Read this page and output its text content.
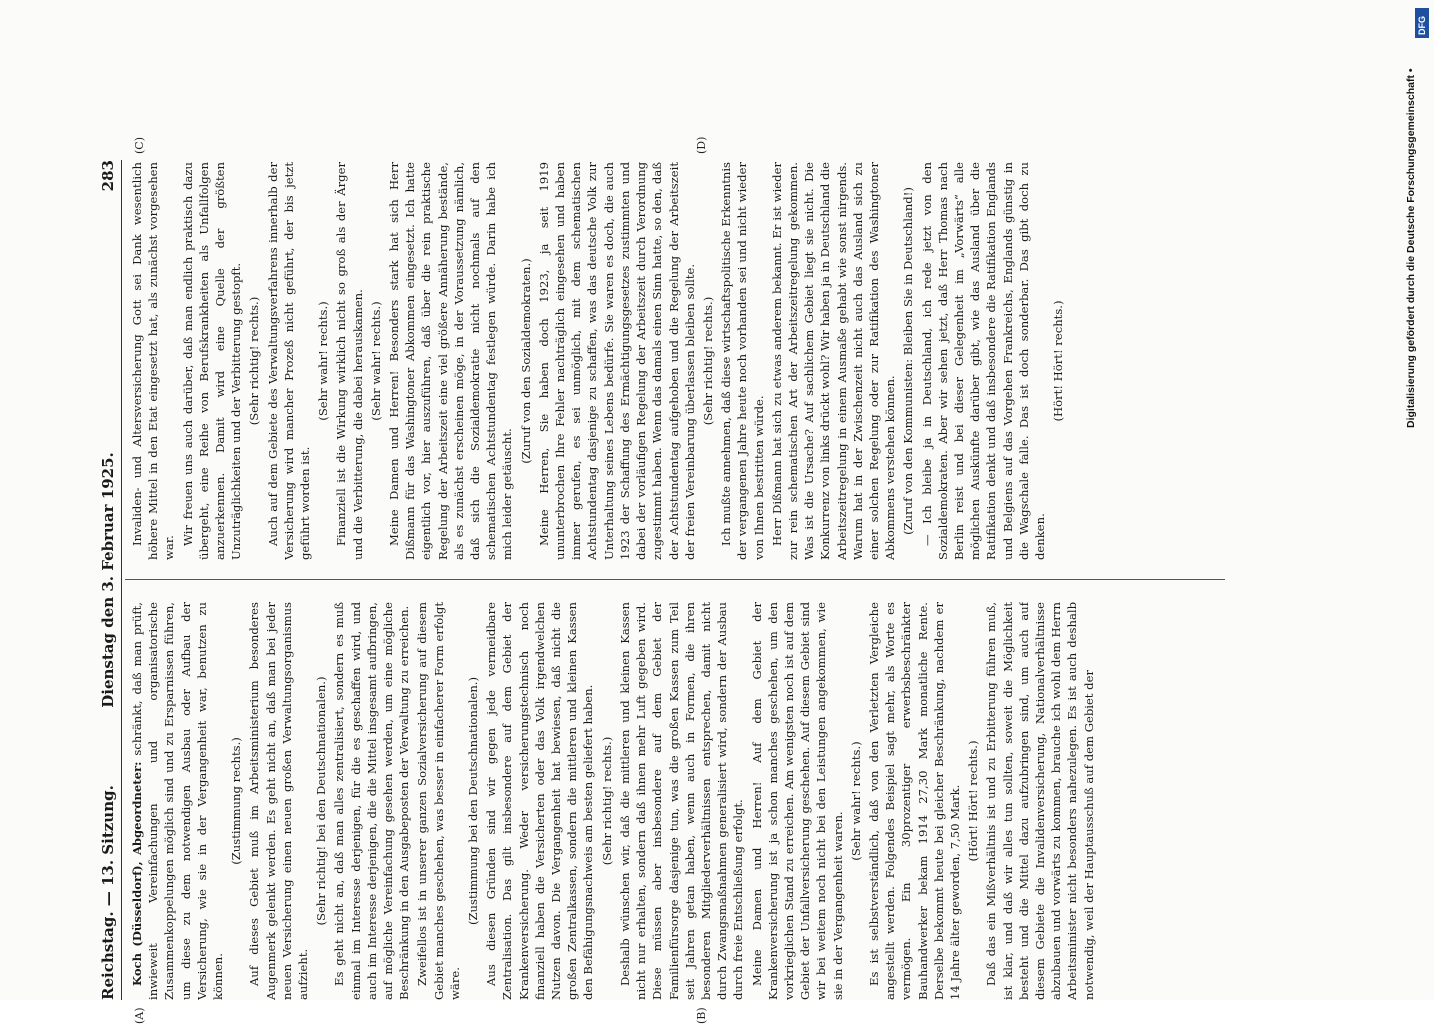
Reichstag. — 13. Sitzung.
Dienstag den 3. Februar 1925.
283
(A)	(B)
(C)	(D)

Koch (Düsseldorf), Abgeordneter: schränkt, daß man prüft, inwieweit Vereinfachungen und organisatorische Zusammenkoppelungen möglich sind und zu Ersparnissen führen, um diese zu dem notwendigen Ausbau oder Aufbau der Versicherung, wie sie in der Vergangenheit war, benutzen zu können.

(Zustimmung rechts.) Auf dieses Gebiet muß im Arbeitsministerium besonderes Augenmerk gelenkt werden. Es geht nicht an, daß man bei jeder neuen Versicherung einen neuen großen Verwaltungsorganismus aufzieht.

(Sehr richtig! bei den Deutschnationalen.) Es geht nicht an, daß man alles zentralisiert, sondern es muß einmal im Interesse derjenigen, für die es geschaffen wird, und auch im Interesse derjenigen, die die Mittel insgesamt aufbringen, auf mögliche Vereinfachung gesehen werden, um eine mögliche Beschränkung in den Ausgabeposten der Verwaltung zu erreichen. Zweifellos ist in unserer ganzen Sozialversicherung auf diesem Gebiet manches geschehen, was besser in einfacherer Form erfolgt wäre.

(Zustimmung bei den Deutschnationalen.) Aus diesen Gründen sind wir gegen jede vermeidbare Zentralisation. Das gilt insbesondere auf dem Gebiet der Krankenversicherung. Weder versicherungstechnisch noch finanziell haben die Versicherten oder das Volk irgendwelchen Nutzen davon. Die Vergangenheit hat bewiesen, daß nicht die großen Zentralkassen, sondern die mittleren und kleinen Kassen den Befähigungsnachweis am besten geliefert haben. (Sehr richtig! rechts.) Deshalb wünschen wir, daß die mittleren und kleinen Kassen nicht nur erhalten, sondern daß ihnen mehr Luft gegeben wird. Diese müssen aber insbesondere auf dem Gebiet der Familienfürsorge dasjenige tun, was die großen Kassen zum Teil seit Jahren getan haben, wenn auch in Formen, die ihren besonderen Mitgliederverhältnissen entsprechen, damit nicht durch Zwangsmaßnahmen generalisiert wird, sondern der Ausbau durch freie Entschließung erfolgt. Meine Damen und Herren! Auf dem Gebiet der Krankenversicherung ist ja schon manches geschehen, um den vorkrieglichen Stand zu erreichen. Am wenigsten noch ist auf dem Gebiet der Unfallversicherung geschehen. Auf diesem Gebiet sind wir bei weitem noch nicht bei den Leistungen angekommen, wie sie in der Vergangenheit waren.

(Sehr wahr! rechts.) Es ist selbstverständlich, daß von den Verletzten Vergleiche angestellt werden. Folgendes Beispiel sagt mehr, als Worte es vermögen. Ein 30prozentiger erwerbsbeschränkter Bauhandwerker bekam 1914 27,30 Mark monatliche Rente. Derselbe bekommt heute bei gleicher Beschränkung, nachdem er 14 Jahre älter geworden, 7,50 Mark. (Hört! Hört! rechts.) Daß das ein Mißverhältnis ist und zu Erbitterung führen muß, ist klar, und daß wir alles tun sollten, soweit die Möglichkeit besteht und die Mittel dazu aufzubringen sind, um auch auf diesem Gebiete die Invalidenversicherung, Nationalverhältnisse abzubauen und vorwärts zu kommen, brauche ich wohl dem Herrn Arbeitsminister nicht besonders nahezulegen. Es ist auch deshalb notwendig, weil der Hauptausschuß auf dem Gebiet der

Invaliden- und Altersversicherung Gott sei Dank wesentlich höhere Mittel in den Etat eingesetzt hat, als zunächst vorgesehen war.

Wir freuen uns auch darüber, daß man endlich praktisch dazu übergeht, eine Reihe von Berufskrankheiten als Unfallfolgen anzuerkennen. Damit wird eine Quelle der größten Unzuträglichkeiten und der Verbitterung gestopft. (Sehr richtig! rechts.) Auch auf dem Gebiete des Verwaltungsverfahrens innerhalb der Versicherung wird mancher Prozeß nicht geführt, der bis jetzt geführt worden ist.

(Sehr wahr! rechts.) Finanziell ist die Wirkung wirklich nicht so groß als der Ärger und die Verbitterung, die dabei herauskamen. (Sehr wahr! rechts.) Meine Damen und Herren! Besonders stark hat sich Herr Dißmann für das Washingtoner Abkommen eingesetzt. Ich hatte eigentlich vor, hier auszuführen, daß über die rein praktische Regelung der Arbeitszeit eine viel größere Annäherung bestände, als es zunächst erscheinen möge, in der Voraussetzung nämlich, daß sich die Sozialdemokratie nicht nochmals auf den schematischen Achtstundentag festlegen würde. Darin habe ich mich leider getäuscht.

(Zuruf von den Sozialdemokraten.) Meine Herren, Sie haben doch 1923, ja seit 1919 ununterbrochen Ihre Fehler nachträglich eingesehen und haben immer gerufen, es sei unmöglich, mit dem schematischen Achtstundentag dasjenige zu schaffen, was das deutsche Volk zur Unterhaltung seines Lebens bedürfe. Sie waren es doch, die auch 1923 der Schaffung des Ermächtigungsgesetzes zustimmten und dabei der vorläufigen Regelung der Arbeitszeit durch Verordnung zugestimmt haben. Wenn das damals einen Sinn hatte, so den, daß der Achtstundentag aufgehoben und die Regelung der Arbeitszeit der freien Vereinbarung überlassen bleiben sollte. (Sehr richtig! rechts.) Ich mußte annehmen, daß diese wirtschaftspolitische Erkenntnis der vergangenen Jahre heute noch vorhanden sei und nicht wieder von Ihnen bestritten würde. Herr Dißmann hat sich zu etwas anderem bekannt. Er ist wieder zur rein schematischen Art der Arbeitszeitregelung gekommen. Was ist die Ursache? Auf sachlichem Gebiet liegt sie nicht. Die Konkurrenz von links drückt wohl? Wir haben ja in Deutschland die Arbeitszeitregelung in einem Ausmaße gehabt wie sonst nirgends. Warum hat in der Zwischenzeit nicht auch das Ausland sich zu einer solchen Regelung oder zur Ratifikation des Washingtoner Abkommens verstehen können. (Zuruf von den Kommunisten: Bleiben Sie in Deutschland!) — Ich bleibe ja in Deutschland, ich rede jetzt von den Sozialdemokraten. Aber wir sehen jetzt, daß Herr Thomas nach Berlin reist und bei dieser Gelegenheit im „Vorwärts“ alle möglichen Auskünfte darüber gibt, wie das Ausland über die Ratifikation denkt und daß insbesondere die Ratifikation Englands und Belgiens auf das Vorgehen Frankreichs, Englands günstig in die Wagschale falle. Das ist doch sonderbar. Das gibt doch zu denken.

(Hört! Hört! rechts.)	Digitalisierung gefördert durch die Deutsche Forschungsgemeinschaft •
DFG
